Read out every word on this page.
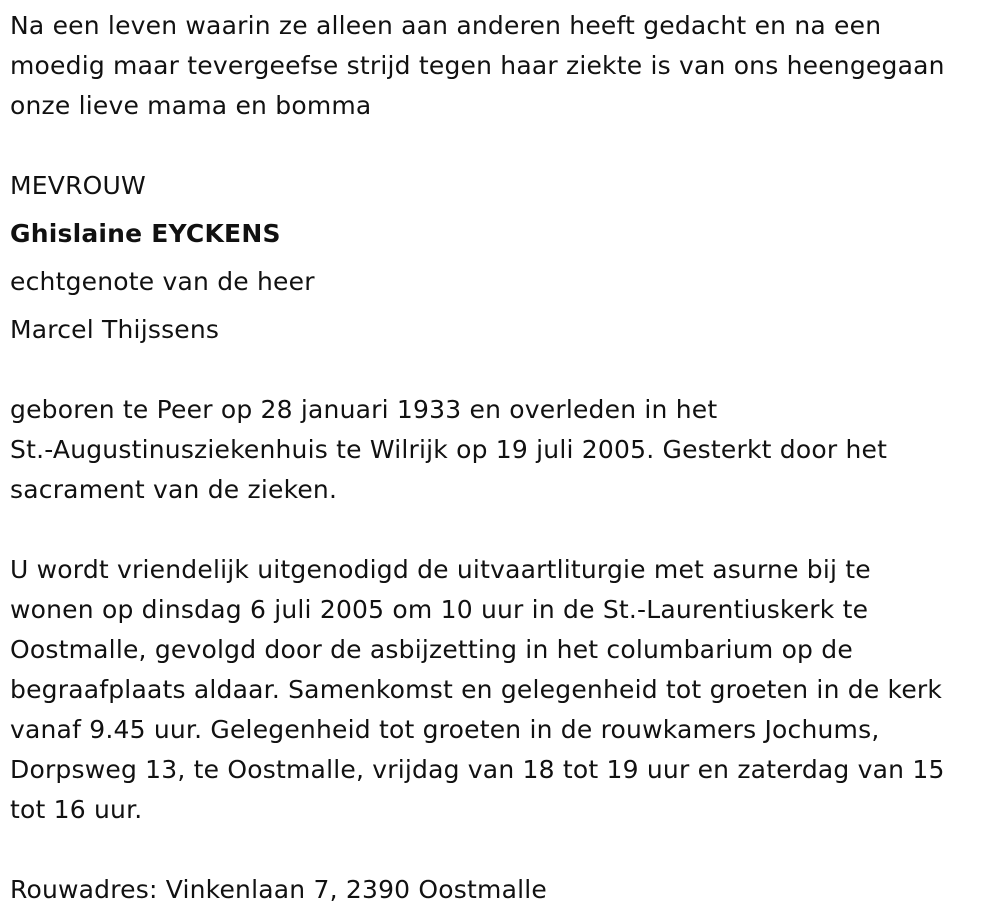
Na een leven waarin ze alleen aan anderen heeft gedacht en na een
moedig maar tevergeefse strijd tegen haar ziekte is van ons heengegaan
onze lieve mama en bomma
MEVROUW
Ghislaine EYCKENS
echtgenote van de heer
Marcel Thijssens
geboren te Peer op 28 januari 1933 en overleden in het
St.-Augustinusziekenhuis te Wilrijk op 19 juli 2005. Gesterkt door het
sacrament van de zieken.
U wordt vriendelijk uitgenodigd de uitvaartliturgie met asurne bij te
wonen op dinsdag 6 juli 2005 om 10 uur in de St.-Laurentiuskerk te
Oostmalle, gevolgd door de asbijzetting in het columbarium op de
begraafplaats aldaar. Samenkomst en gelegenheid tot groeten in de kerk
vanaf 9.45 uur. Gelegenheid tot groeten in de rouwkamers Jochums,
Dorpsweg 13, te Oostmalle, vrijdag van 18 tot 19 uur en zaterdag van 15
tot 16 uur.
Rouwadres: Vinkenlaan 7, 2390 Oostmalle
